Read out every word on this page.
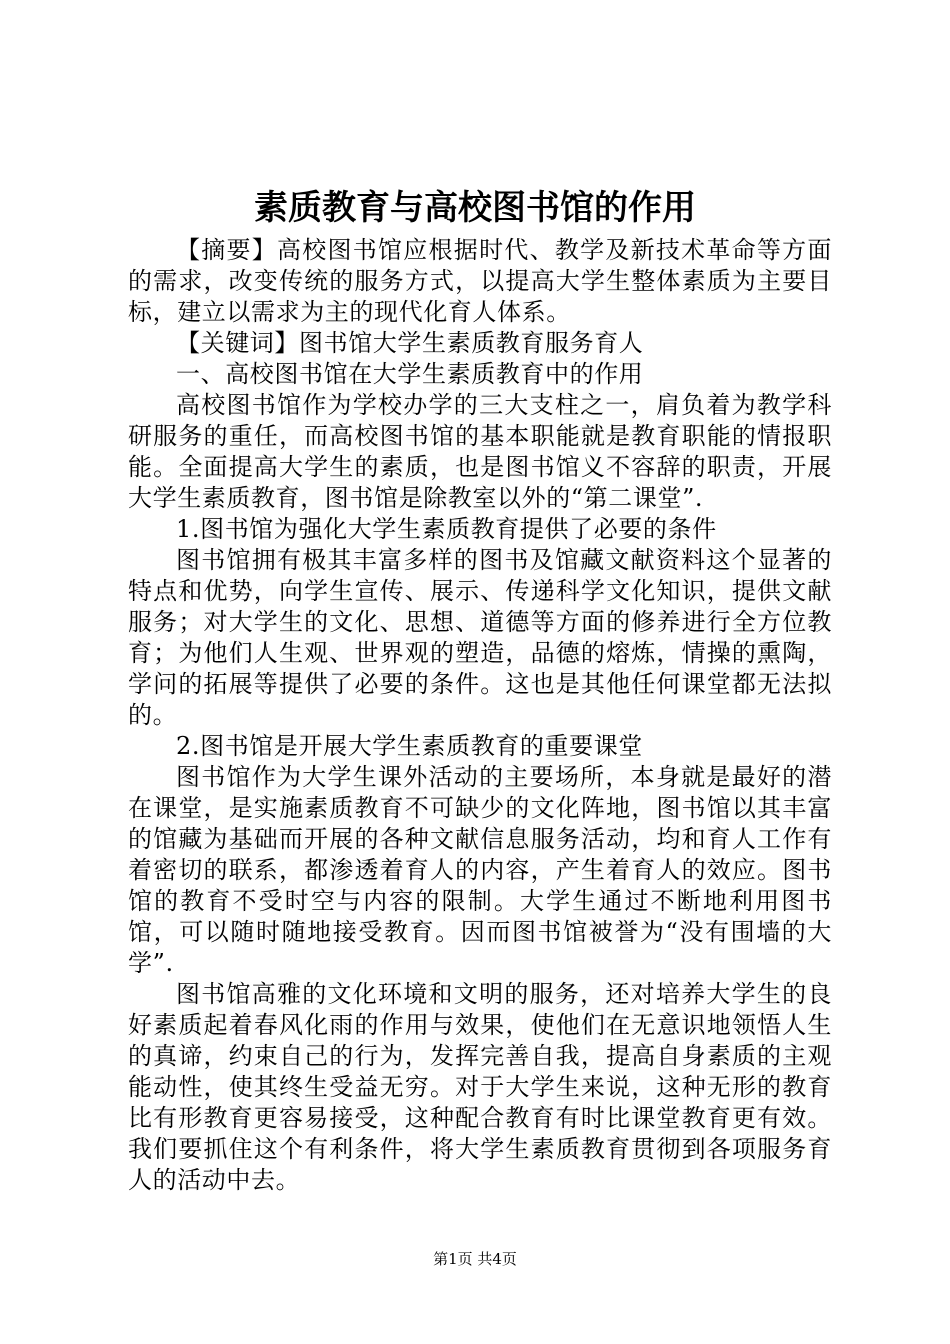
素质教育与高校图书馆的作用

【摘要】高校图书馆应根据时代、教学及新技术革命等方面的需求，改变传统的服务方式，以提高大学生整体素质为主要目标，建立以需求为主的现代化育人体系。

【关键词】图书馆大学生素质教育服务育人

一、高校图书馆在大学生素质教育中的作用

高校图书馆作为学校办学的三大支柱之一，肩负着为教学科研服务的重任，而高校图书馆的基本职能就是教育职能的情报职能。全面提高大学生的素质，也是图书馆义不容辞的职责，开展大学生素质教育，图书馆是除教室以外的“第二课堂”.

1.图书馆为强化大学生素质教育提供了必要的条件

图书馆拥有极其丰富多样的图书及馆藏文献资料这个显著的特点和优势，向学生宣传、展示、传递科学文化知识，提供文献服务；对大学生的文化、思想、道德等方面的修养进行全方位教育；为他们人生观、世界观的塑造，品德的熔炼，情操的熏陶，学问的拓展等提供了必要的条件。这也是其他任何课堂都无法拟的。

2.图书馆是开展大学生素质教育的重要课堂

图书馆作为大学生课外活动的主要场所，本身就是最好的潜在课堂，是实施素质教育不可缺少的文化阵地，图书馆以其丰富的馆藏为基础而开展的各种文献信息服务活动，均和育人工作有着密切的联系，都渗透着育人的内容，产生着育人的效应。图书馆的教育不受时空与内容的限制。大学生通过不断地利用图书馆，可以随时随地接受教育。因而图书馆被誉为“没有围墙的大学”.

图书馆高雅的文化环境和文明的服务，还对培养大学生的良好素质起着春风化雨的作用与效果，使他们在无意识地领悟人生的真谛，约束自己的行为，发挥完善自我，提高自身素质的主观能动性，使其终生受益无穷。对于大学生来说，这种无形的教育比有形教育更容易接受，这种配合教育有时比课堂教育更有效。我们要抓住这个有利条件，将大学生素质教育贯彻到各项服务育人的活动中去。

第1页 共4页
